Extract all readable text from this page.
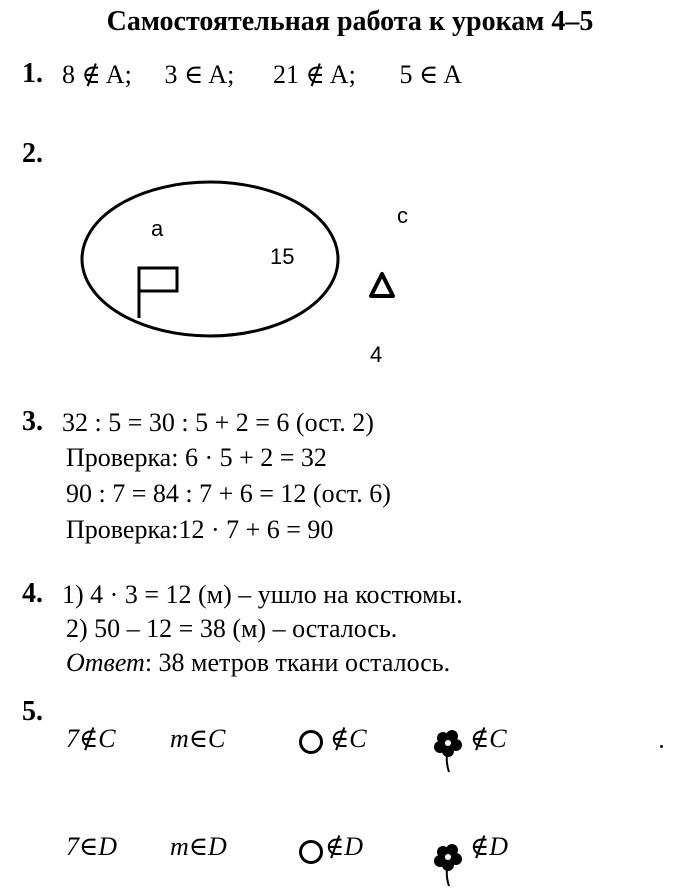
Самостоятельная работа к урокам 4–5
1. 8 ∉ A; 3 ∈ A; 21 ∉ A; 5 ∈ A
2.
a
15
c
4
3. 32 : 5 = 30 : 5 + 2 = 6 (ост. 2)
Проверка: 6 · 5 + 2 = 32
90 : 7 = 84 : 7 + 6 = 12 (ост. 6)
Проверка:12 · 7 + 6 = 90
4. 1) 4 · 3 = 12 (м) – ушло на костюмы.
2) 50 – 12 = 38 (м) – осталось.
Ответ: 38 метров ткани осталось.
5.
7∉C m∈C	∉C	∉C
7∈D m∈D	∉D	∉D
